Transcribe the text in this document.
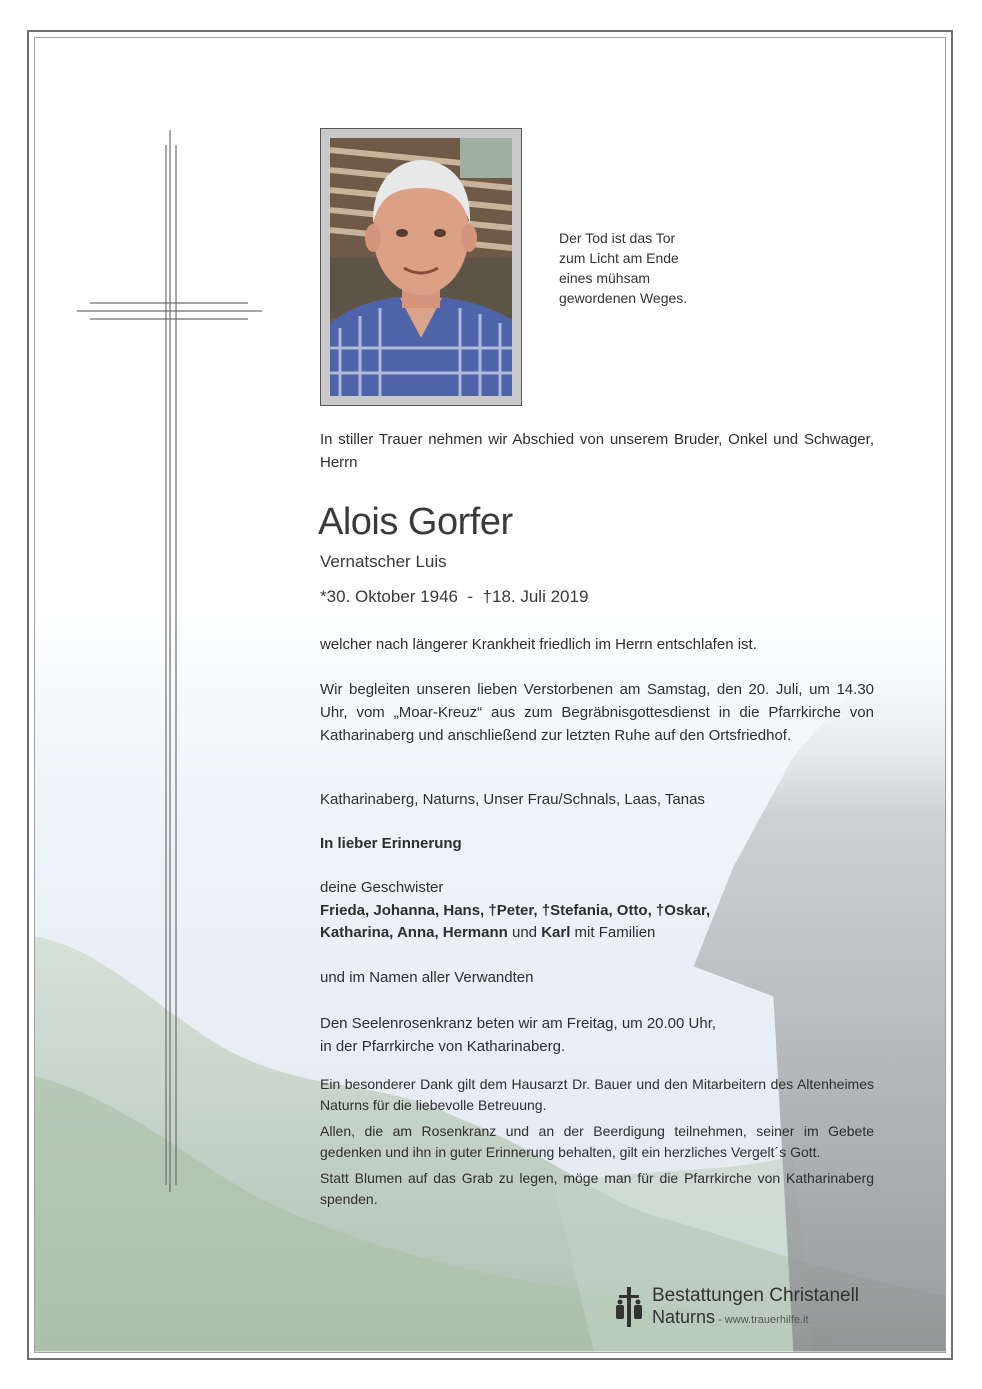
Der Tod ist das Tor
zum Licht am Ende
eines mühsam
gewordenen Weges.
In stiller Trauer nehmen wir Abschied von unserem Bruder, Onkel und Schwager, Herrn
Alois Gorfer
Vernatscher Luis
*30. Oktober 1946  -  †18. Juli 2019
welcher nach längerer Krankheit friedlich im Herrn entschlafen ist.
Wir begleiten unseren lieben Verstorbenen am Samstag, den 20. Juli, um 14.30 Uhr, vom „Moar-Kreuz“ aus zum Begräbnisgottesdienst in die Pfarrkirche von Katharinaberg und anschließend zur letzten Ruhe auf den Ortsfriedhof.
Katharinaberg, Naturns, Unser Frau/Schnals, Laas, Tanas
In lieber Erinnerung
deine Geschwister
Frieda, Johanna, Hans, †Peter, †Stefania, Otto, †Oskar,
Katharina, Anna, Hermann und Karl mit Familien
und im Namen aller Verwandten
Den Seelenrosenkranz beten wir am Freitag, um 20.00 Uhr,
in der Pfarrkirche von Katharinaberg.

Ein besonderer Dank gilt dem Hausarzt Dr. Bauer und den Mitarbeitern des Altenheimes Naturns für die liebevolle Betreuung.

Allen, die am Rosenkranz und an der Beerdigung teilnehmen, seiner im Gebete gedenken und ihn in guter Erinnerung behalten, gilt ein herzliches Vergelt´s Gott.

Statt Blumen auf das Grab zu legen, möge man für die Pfarrkirche von Katharinaberg spenden.

Bestattungen Christanell
Naturns - www.trauerhilfe.it
